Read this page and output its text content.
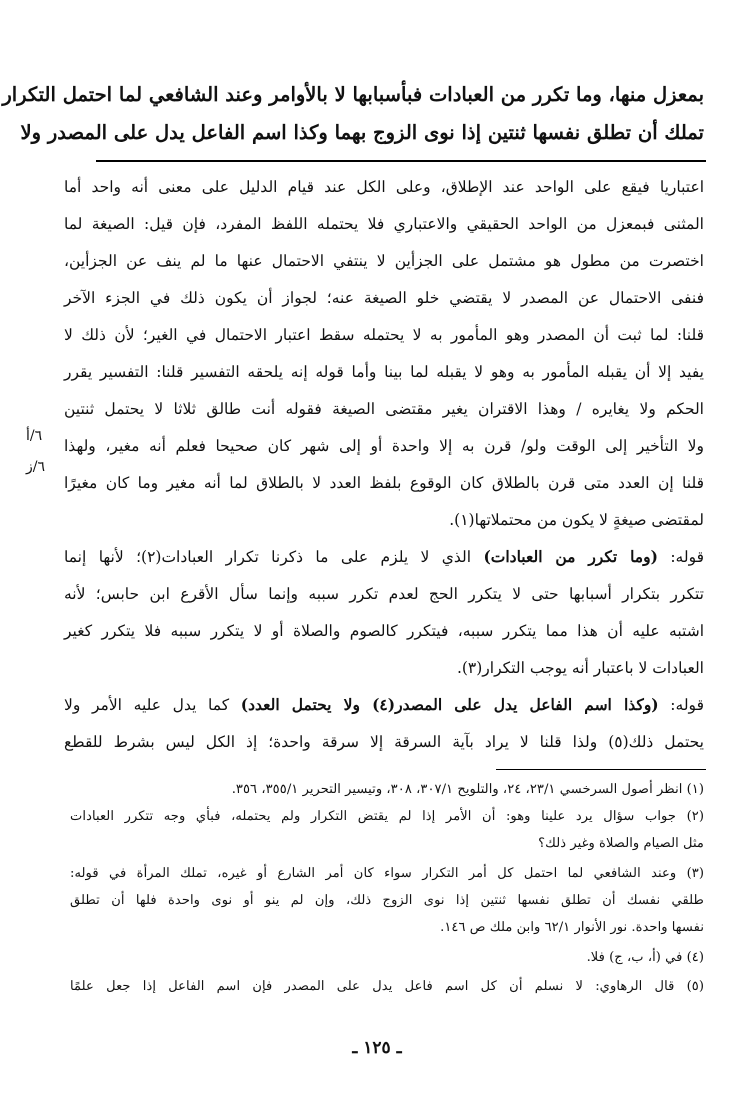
بمعزل منها، وما تكرر من العبادات فبأسبابها لا بالأوامر وعند الشافعي لما احتمل التكرار
تملك أن تطلق نفسها ثنتين إذا نوى الزوج بهما وكذا اسم الفاعل يدل على المصدر ولا
اعتباريا فيقع على الواحد عند الإطلاق، وعلى الكل عند قيام الدليل على معنى أنه واحد أما
المثنى فبمعزل من الواحد الحقيقي والاعتباري فلا يحتمله اللفظ المفرد، فإن قيل: الصيغة لما
اختصرت من مطول هو مشتمل على الجزأين لا ينتفي الاحتمال عنها ما لم ينف عن الجزأين،
فنفى الاحتمال عن المصدر لا يقتضي خلو الصيغة عنه؛ لجواز أن يكون ذلك في الجزء الآخر
قلنا: لما ثبت أن المصدر وهو المأمور به لا يحتمله سقط اعتبار الاحتمال في الغير؛ لأن ذلك لا
يفيد إلا أن يقبله المأمور به وهو لا يقبله لما بينا وأما قوله إنه يلحقه التفسير قلنا: التفسير يقرر
الحكم ولا يغايره / وهذا الاقتران يغير مقتضى الصيغة فقوله أنت طالق ثلاثا لا يحتمل ثنتين
ولا التأخير إلى الوقت ولو/ قرن به إلا واحدة أو إلى شهر كان صحيحا فعلم أنه مغير، ولهذا
قلنا إن العدد متى قرن بالطلاق كان الوقوع بلفظ العدد لا بالطلاق لما أنه مغير وما كان مغيرًا
لمقتضى صيغةٍ لا يكون من محتملاتها(١).
قوله: (وما تكرر من العبادات) الذي لا يلزم على ما ذكرنا تكرار العبادات(٢)؛ لأنها إنما
تتكرر بتكرار أسبابها حتى لا يتكرر الحج لعدم تكرر سببه وإنما سأل الأقرع ابن حابس؛ لأنه
اشتبه عليه أن هذا مما يتكرر سببه، فيتكرر كالصوم والصلاة أو لا يتكرر سببه فلا يتكرر كغير
العبادات لا باعتبار أنه يوجب التكرار(٣).
قوله: (وكذا اسم الفاعل يدل على المصدر(٤) ولا يحتمل العدد) كما يدل عليه الأمر ولا
يحتمل ذلك(٥) ولذا قلنا لا يراد بآية السرقة إلا سرقة واحدة؛ إذ الكل ليس بشرط للقطع
٦/أ
٦/ز
(١) انظر أصول السرخسي ٢٣/١، ٢٤، والتلويح ٣٠٧/١، ٣٠٨، وتيسير التحرير ٣٥٥/١، ٣٥٦.
(٢) جواب سؤال يرد علينا وهو: أن الأمر إذا لم يقتض التكرار ولم يحتمله، فبأي وجه تتكرر العبادات
مثل الصيام والصلاة وغير ذلك؟
(٣) وعند الشافعي لما احتمل كل أمر التكرار سواء كان أمر الشارع أو غيره، تملك المرأة في قوله:
طلقي نفسك أن تطلق نفسها ثنتين إذا نوى الزوج ذلك، وإن لم ينو أو نوى واحدة فلها أن تطلق
نفسها واحدة. نور الأنوار ٦٢/١ وابن ملك ص ١٤٦.
(٤) في (أ، ب، ج) فلا.
(٥) قال الرهاوي: لا نسلم أن كل اسم فاعل يدل على المصدر فإن اسم الفاعل إذا جعل علمًا
ـ ١٢٥ ـ
